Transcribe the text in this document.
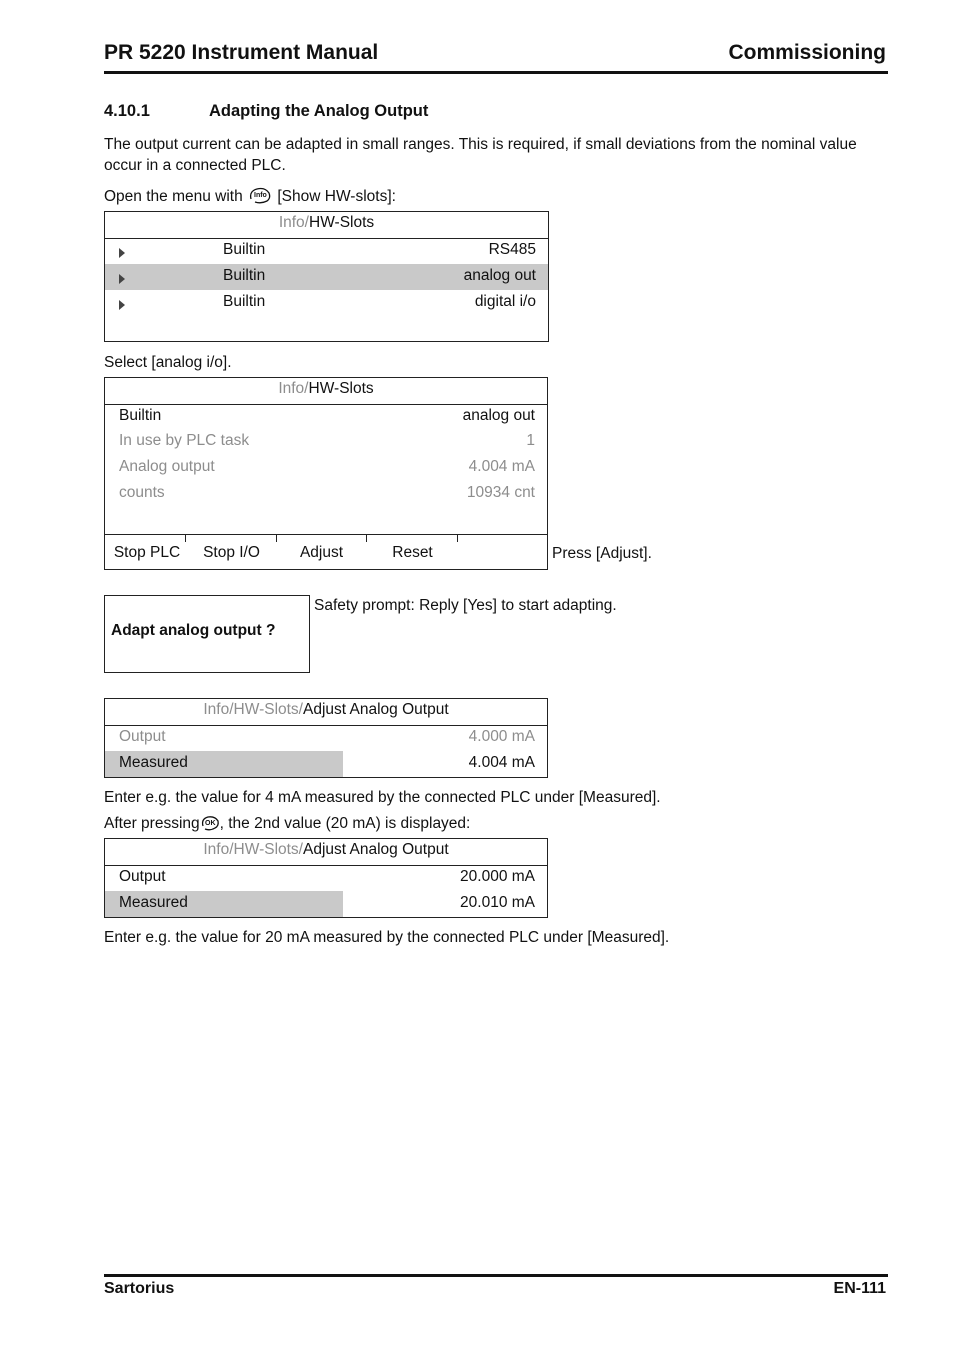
PR 5220 Instrument Manual	Commissioning
4.10.1	Adapting the Analog Output

The output current can be adapted in small ranges. This is required, if small deviations from the nominal value occur in a connected PLC.

Open the menu with Info [Show HW-slots]:

Info/HW-Slots
Builtin	RS485
Builtin	analog out
Builtin	digital i/o

Select [analog i/o].

Info/HW-Slots
Builtin	analog out
In use by PLC task	1
Analog output	4.004 mA
counts	10934 cnt
Stop PLC	Stop I/O	Adjust	Reset	Press [Adjust].

Adapt analog output ?

Safety prompt: Reply [Yes] to start adapting.

Info/HW-Slots/Adjust Analog Output
Output	4.000 mA
Measured	4.004 mA

Enter e.g. the value for 4 mA measured by the connected PLC under [Measured].

After pressing OK , the 2nd value (20 mA) is displayed:

Info/HW-Slots/Adjust Analog Output
Output	20.000 mA
Measured	20.010 mA

Enter e.g. the value for 20 mA measured by the connected PLC under [Measured].

Sartorius	EN-111
